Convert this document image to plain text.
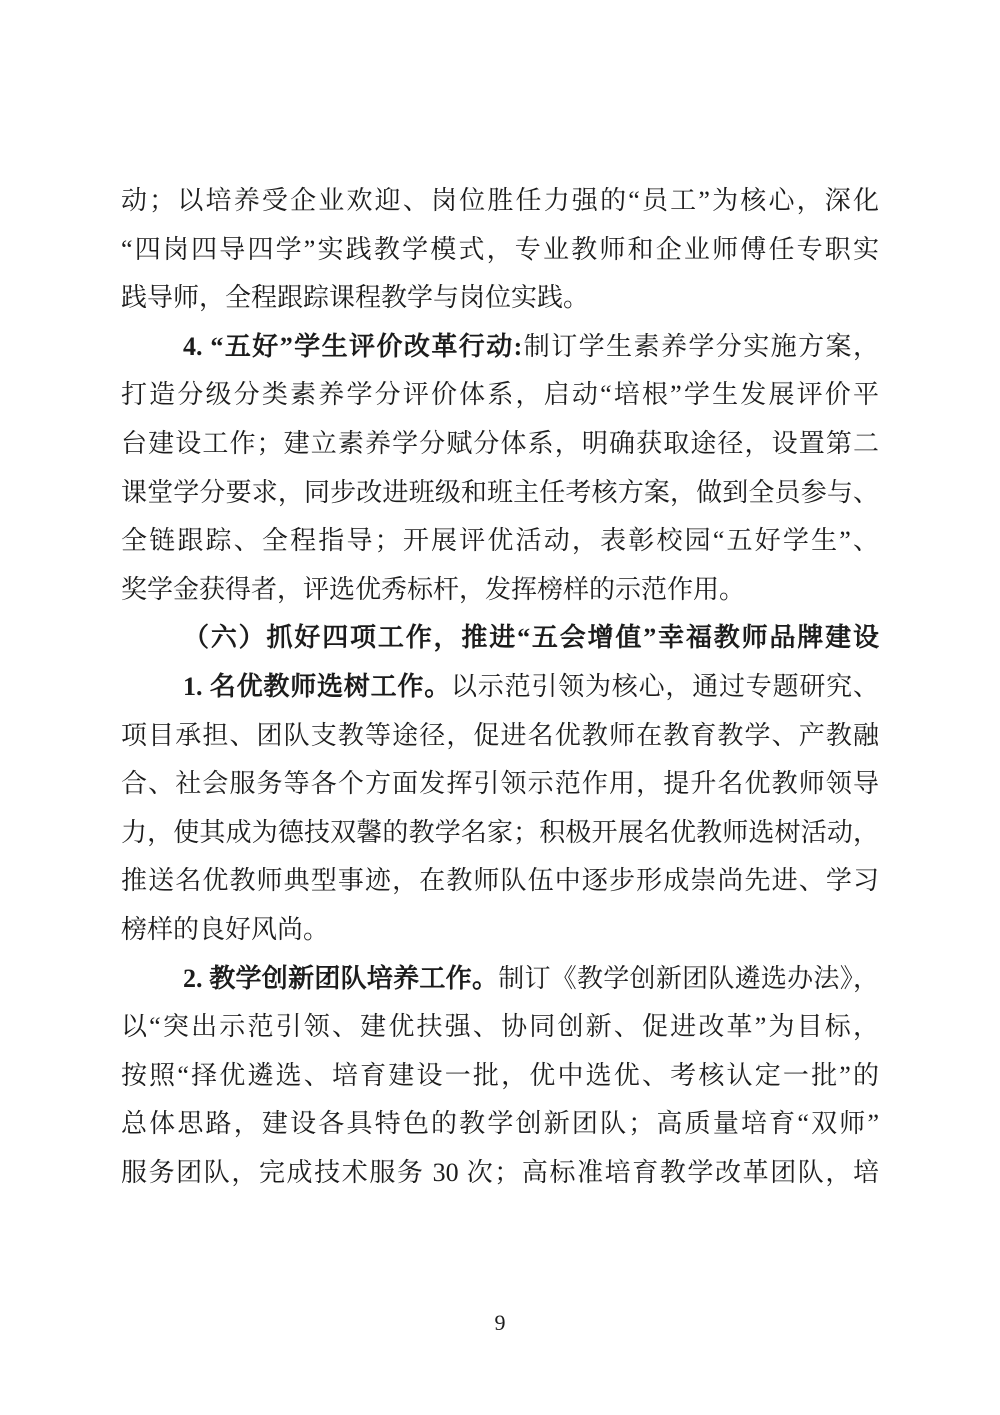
动；以培养受企业欢迎、岗位胜任力强的“员工”为核心，深化
“四岗四导四学”实践教学模式，专业教师和企业师傅任专职实
践导师，全程跟踪课程教学与岗位实践。
4. “五好”学生评价改革行动:制订学生素养学分实施方案，
打造分级分类素养学分评价体系，启动“培根”学生发展评价平
台建设工作；建立素养学分赋分体系，明确获取途径，设置第二
课堂学分要求，同步改进班级和班主任考核方案，做到全员参与、
全链跟踪、全程指导；开展评优活动，表彰校园“五好学生”、
奖学金获得者，评选优秀标杆，发挥榜样的示范作用。
（六）抓好四项工作，推进“五会增值”幸福教师品牌建设
1. 名优教师选树工作。以示范引领为核心，通过专题研究、
项目承担、团队支教等途径，促进名优教师在教育教学、产教融
合、社会服务等各个方面发挥引领示范作用，提升名优教师领导
力，使其成为德技双馨的教学名家；积极开展名优教师选树活动，
推送名优教师典型事迹，在教师队伍中逐步形成崇尚先进、学习
榜样的良好风尚。
2. 教学创新团队培养工作。制订《教学创新团队遴选办法》，
以“突出示范引领、建优扶强、协同创新、促进改革”为目标，
按照“择优遴选、培育建设一批，优中选优、考核认定一批”的
总体思路，建设各具特色的教学创新团队；高质量培育“双师”
服务团队，完成技术服务 30 次；高标准培育教学改革团队，培
9
